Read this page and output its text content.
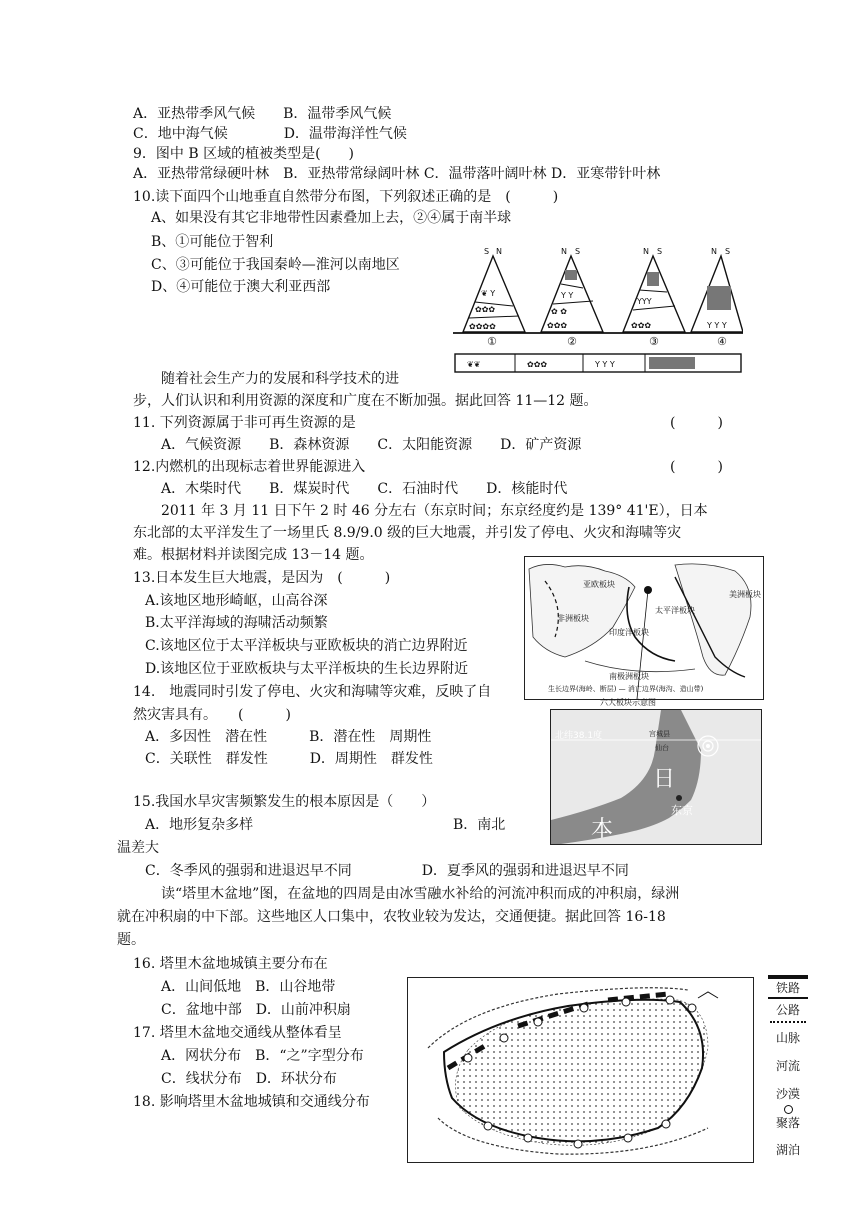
A．亚热带季风气候　　B．温带季风气候
C．地中海气候　　　　D．温带海洋性气候
9．图中 B 区域的植被类型是(　　)
A．亚热带常绿硬叶林　B．亚热带常绿阔叶林 C．温带落叶阔叶林 D．亚寒带针叶林
10.读下面四个山地垂直自然带分布图，下列叙述正确的是　(　　　)
A、如果没有其它非地带性因素叠加上去，②④属于南半球
B、①可能位于智利
C、③可能位于我国秦岭—淮河以南地区
D、④可能位于澳大利亚西部	❦ Y
✿✿✿
✿✿✿✿
S N
Y Y
✿ ✿
✿✿✿
N S
YYY
✿✿✿
N S
Y Y Y
N S
①	②	③	④
❦❦	✿✿✿	Y Y Y
随着社会生产力的发展和科学技术的进
步，人们认识和利用资源的深度和广度在不断加强。据此回答 11—12 题。
11. 下列资源属于非可再生资源的是	(　　　)
A．气候资源　　B．森林资源　　C．太阳能资源　　D．矿产资源
12.内燃机的出现标志着世界能源进入	(　　　)
A．木柴时代　　B．煤炭时代　　C．石油时代　　D．核能时代
2011 年 3 月 11 日下午 2 时 46 分左右（东京时间；东京经度约是 139° 41'E），日本
东北部的太平洋发生了一场里氏 8.9/9.0 级的巨大地震，并引发了停电、火灾和海啸等灾
难。根据材料并读图完成 13－14 题。
13.日本发生巨大地震，是因为　(　　　)
A.该地区地形崎岖，山高谷深
B.太平洋海域的海啸活动频繁
C.该地区位于太平洋板块与亚欧板块的消亡边界附近
D.该地区位于亚欧板块与太平洋板块的生长边界附近
14.　地震同时引发了停电、火灾和海啸等灾难，反映了自
然灾害具有。　　(　　　)
A．多因性　潜在性　　　B．潜在性　周期性
C．关联性　群发性　　　D．周期性　群发性
亚欧板块
太平洋板块
印度洋板块
美洲板块
非洲板块
南极洲板块
生长边界(海岭、断层) — 消亡边界(海沟、造山带)
六大板块示意图
北纬38.1度	宫城县
仙台
东京
日
本
15.我国水旱灾害频繁发生的根本原因是（　　）
A．地形复杂多样	B．南北
温差大
C．冬季风的强弱和进退迟早不同　　　　　D．夏季风的强弱和进退迟早不同
读“塔里木盆地”图，在盆地的四周是由冰雪融水补给的河流冲积而成的冲积扇，绿洲
就在冲积扇的中下部。这些地区人口集中，农牧业较为发达，交通便捷。据此回答 16-18
题。
16. 塔里木盆地城镇主要分布在
A．山间低地　B．山谷地带
C．盆地中部　D．山前冲积扇
17. 塔里木盆地交通线从整体看呈
A．网状分布　B．“之”字型分布
C．线状分布　D．环状分布
18. 影响塔里木盆地城镇和交通线分布
铁路
公路
山脉
河流
沙漠
聚落
湖泊
